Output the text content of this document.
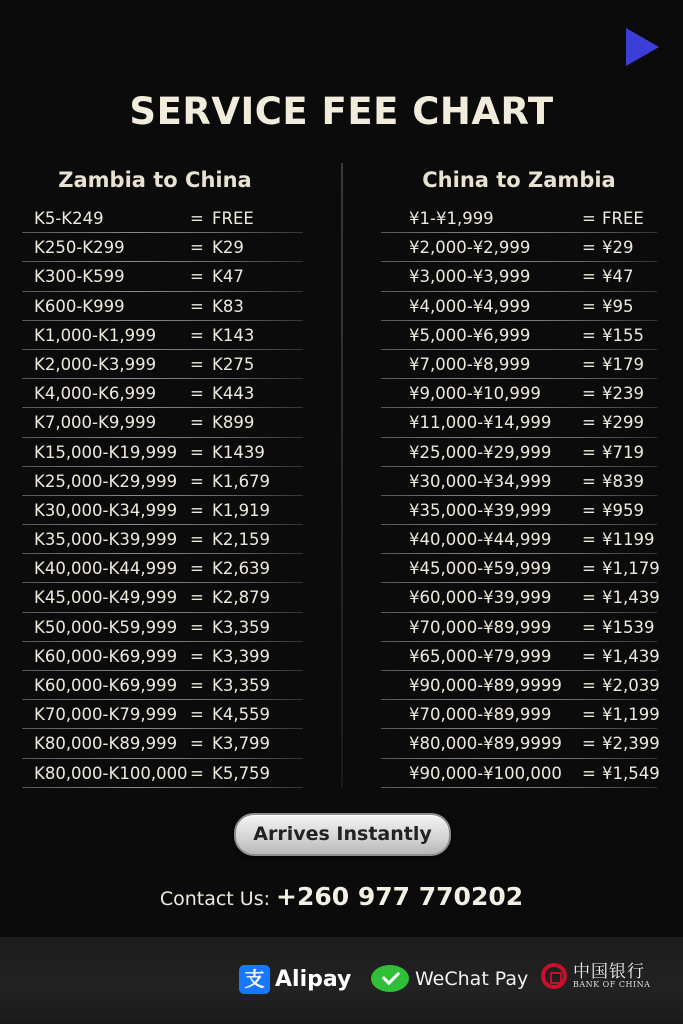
SERVICE FEE CHART
Zambia to China	China to Zambia
K5-K249	= FREE
K250-K299	= K29
K300-K599	= K47
K600-K999	= K83
K1,000-K1,999 = K143
K2,000-K3,999 = K275
K4,000-K6,999 = K443
K7,000-K9,999 = K899
K15,000-K19,999 = K1439
K25,000-K29,999 = K1,679
K30,000-K34,999 = K1,919
K35,000-K39,999 = K2,159
K40,000-K44,999 = K2,639
K45,000-K49,999 = K2,879
K50,000-K59,999 = K3,359
K60,000-K69,999 = K3,399
K60,000-K69,999 = K3,359
K70,000-K79,999 = K4,559
K80,000-K89,999 = K3,799
K80,000-K100,000 = K5,759
¥1-¥1,999	= FREE
¥2,000-¥2,999	= ¥29
¥3,000-¥3,999	= ¥47
¥4,000-¥4,999	= ¥95
¥5,000-¥6,999	= ¥155
¥7,000-¥8,999	= ¥179
¥9,000-¥10,999 = ¥239
¥11,000-¥14,999 = ¥299
¥25,000-¥29,999 = ¥719
¥30,000-¥34,999 = ¥839
¥35,000-¥39,999 = ¥959
¥40,000-¥44,999 = ¥1199
¥45,000-¥59,999 = ¥1,179
¥60,000-¥39,999 = ¥1,439
¥70,000-¥89,999 = ¥1539
¥65,000-¥79,999 = ¥1,439
¥90,000-¥89,9999 = ¥2,039
¥70,000-¥89,999 = ¥1,199
¥80,000-¥89,9999 = ¥2,399
¥90,000-¥100,000 = ¥1,549
Arrives Instantly
Contact Us: +260 977 770202
支 Alipay	WeChat Pay	中国银行
BANK OF CHINA
